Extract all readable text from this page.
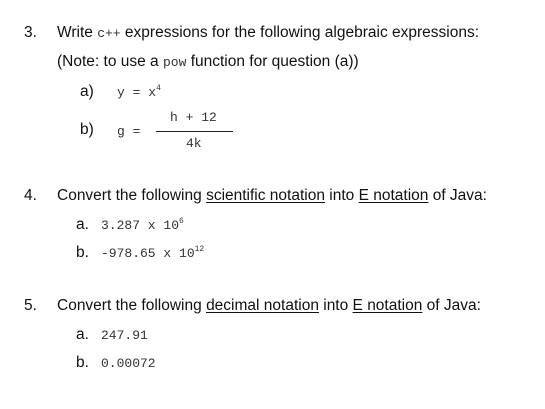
3. Write c++ expressions for the following algebraic expressions:
(Note: to use a pow function for question (a))
a) $y = x^4$
b) g =
h + 12
4k
4. Convert the following scientific notation into E notation of Java:
a. 3.287 x $10^6$
b. -978.65 x $10^{12}$
5. Convert the following decimal notation into E notation of Java:
a. 247.91
b. 0.00072
